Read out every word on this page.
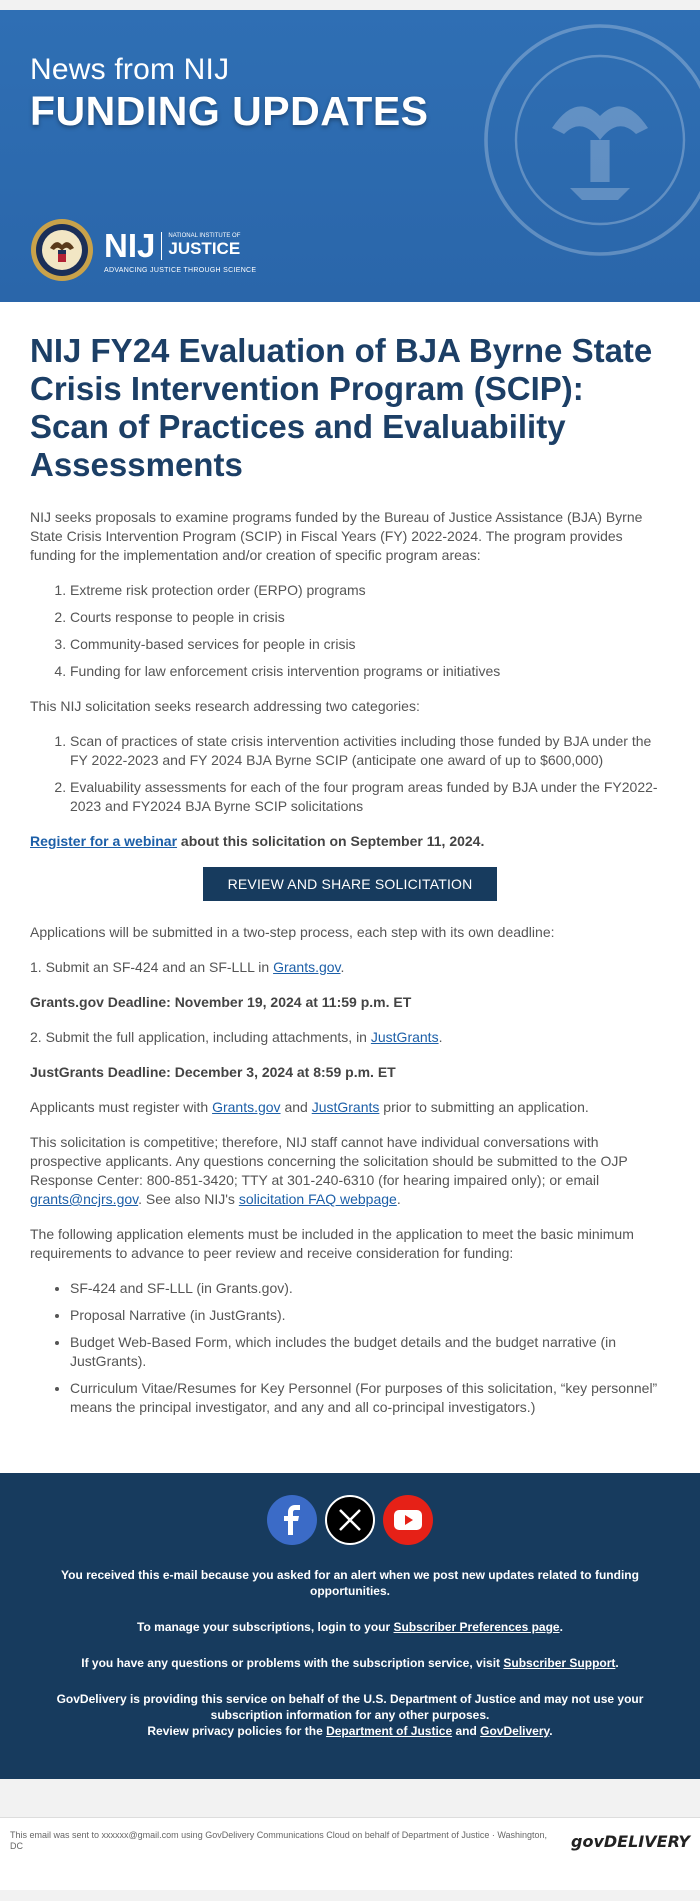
News from NIJ
FUNDING UPDATES
NIJ NATIONAL INSTITUTE OF
JUSTICE
ADVANCING JUSTICE THROUGH SCIENCE
NIJ FY24 Evaluation of BJA Byrne State Crisis Intervention Program (SCIP): Scan of Practices and Evaluability Assessments

NIJ seeks proposals to examine programs funded by the Bureau of Justice Assistance (BJA) Byrne State Crisis Intervention Program (SCIP) in Fiscal Years (FY) 2022-2024. The program provides funding for the implementation and/or creation of specific program areas:

1. Extreme risk protection order (ERPO) programs
2. Courts response to people in crisis
3. Community-based services for people in crisis
4. Funding for law enforcement crisis intervention programs or initiatives

This NIJ solicitation seeks research addressing two categories:

1. Scan of practices of state crisis intervention activities including those funded by BJA under the FY 2022-2023 and FY 2024 BJA Byrne SCIP (anticipate one award of up to $600,000)
2. Evaluability assessments for each of the four program areas funded by BJA under the FY2022-2023 and FY2024 BJA Byrne SCIP solicitations

Register for a webinar about this solicitation on September 11, 2024.

REVIEW AND SHARE SOLICITATION

Applications will be submitted in a two-step process, each step with its own deadline:

1. Submit an SF-424 and an SF-LLL in Grants.gov.

Grants.gov Deadline: November 19, 2024 at 11:59 p.m. ET

2. Submit the full application, including attachments, in JustGrants.

JustGrants Deadline: December 3, 2024 at 8:59 p.m. ET

Applicants must register with Grants.gov and JustGrants prior to submitting an application.

This solicitation is competitive; therefore, NIJ staff cannot have individual conversations with prospective applicants. Any questions concerning the solicitation should be submitted to the OJP Response Center: 800-851-3420; TTY at 301-240-6310 (for hearing impaired only); or email grants@ncjrs.gov. See also NIJ's solicitation FAQ webpage.

The following application elements must be included in the application to meet the basic minimum requirements to advance to peer review and receive consideration for funding:

• SF-424 and SF-LLL (in Grants.gov).
• Proposal Narrative (in JustGrants).
• Budget Web-Based Form, which includes the budget details and the budget narrative (in JustGrants).
• Curriculum Vitae/Resumes for Key Personnel (For purposes of this solicitation, “key personnel” means the principal investigator, and any and all co-principal investigators.)

You received this e-mail because you asked for an alert when we post new updates related to funding opportunities.

To manage your subscriptions, login to your Subscriber Preferences page.

If you have any questions or problems with the subscription service, visit Subscriber Support.

GovDelivery is providing this service on behalf of the U.S. Department of Justice and may not use your subscription information for any other purposes.
Review privacy policies for the Department of Justice and GovDelivery.

This email was sent to xxxxxx@gmail.com using GovDelivery Communications Cloud on behalf of Department of Justice · Washington, DC	govDELIVERY
